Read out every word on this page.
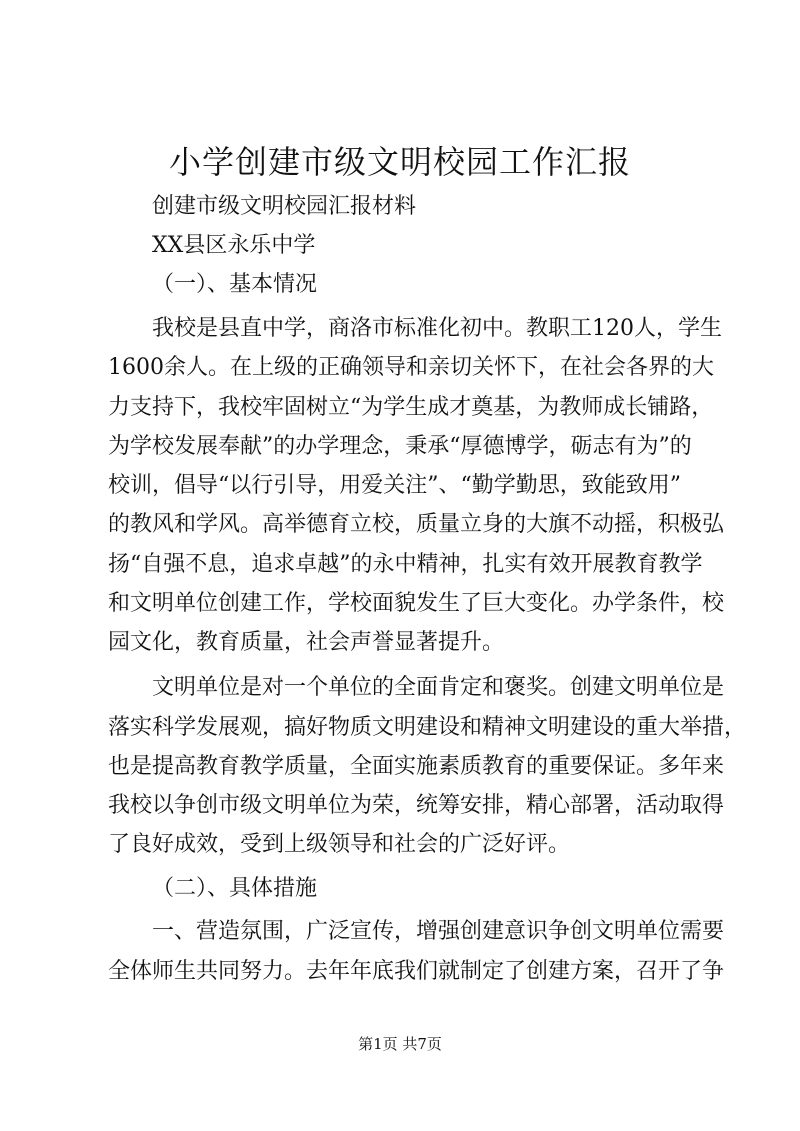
小学创建市级文明校园工作汇报
创建市级文明校园汇报材料
XX县区永乐中学
（一）、基本情况
我校是县直中学，商洛市标准化初中。教职工120人，学生
1600余人。在上级的正确领导和亲切关怀下，在社会各界的大
力支持下，我校牢固树立“为学生成才奠基，为教师成长铺路，
为学校发展奉献”的办学理念，秉承“厚德博学，砺志有为”的
校训，倡导“以行引导，用爱关注”、“勤学勤思，致能致用”
的教风和学风。高举德育立校，质量立身的大旗不动摇，积极弘
扬“自强不息，追求卓越”的永中精神，扎实有效开展教育教学
和文明单位创建工作，学校面貌发生了巨大变化。办学条件，校
园文化，教育质量，社会声誉显著提升。
文明单位是对一个单位的全面肯定和褒奖。创建文明单位是
落实科学发展观，搞好物质文明建设和精神文明建设的重大举措，
也是提高教育教学质量，全面实施素质教育的重要保证。多年来
我校以争创市级文明单位为荣，统筹安排，精心部署，活动取得
了良好成效，受到上级领导和社会的广泛好评。
（二）、具体措施
一、营造氛围，广泛宣传，增强创建意识争创文明单位需要
全体师生共同努力。去年年底我们就制定了创建方案，召开了争
第1页 共7页
